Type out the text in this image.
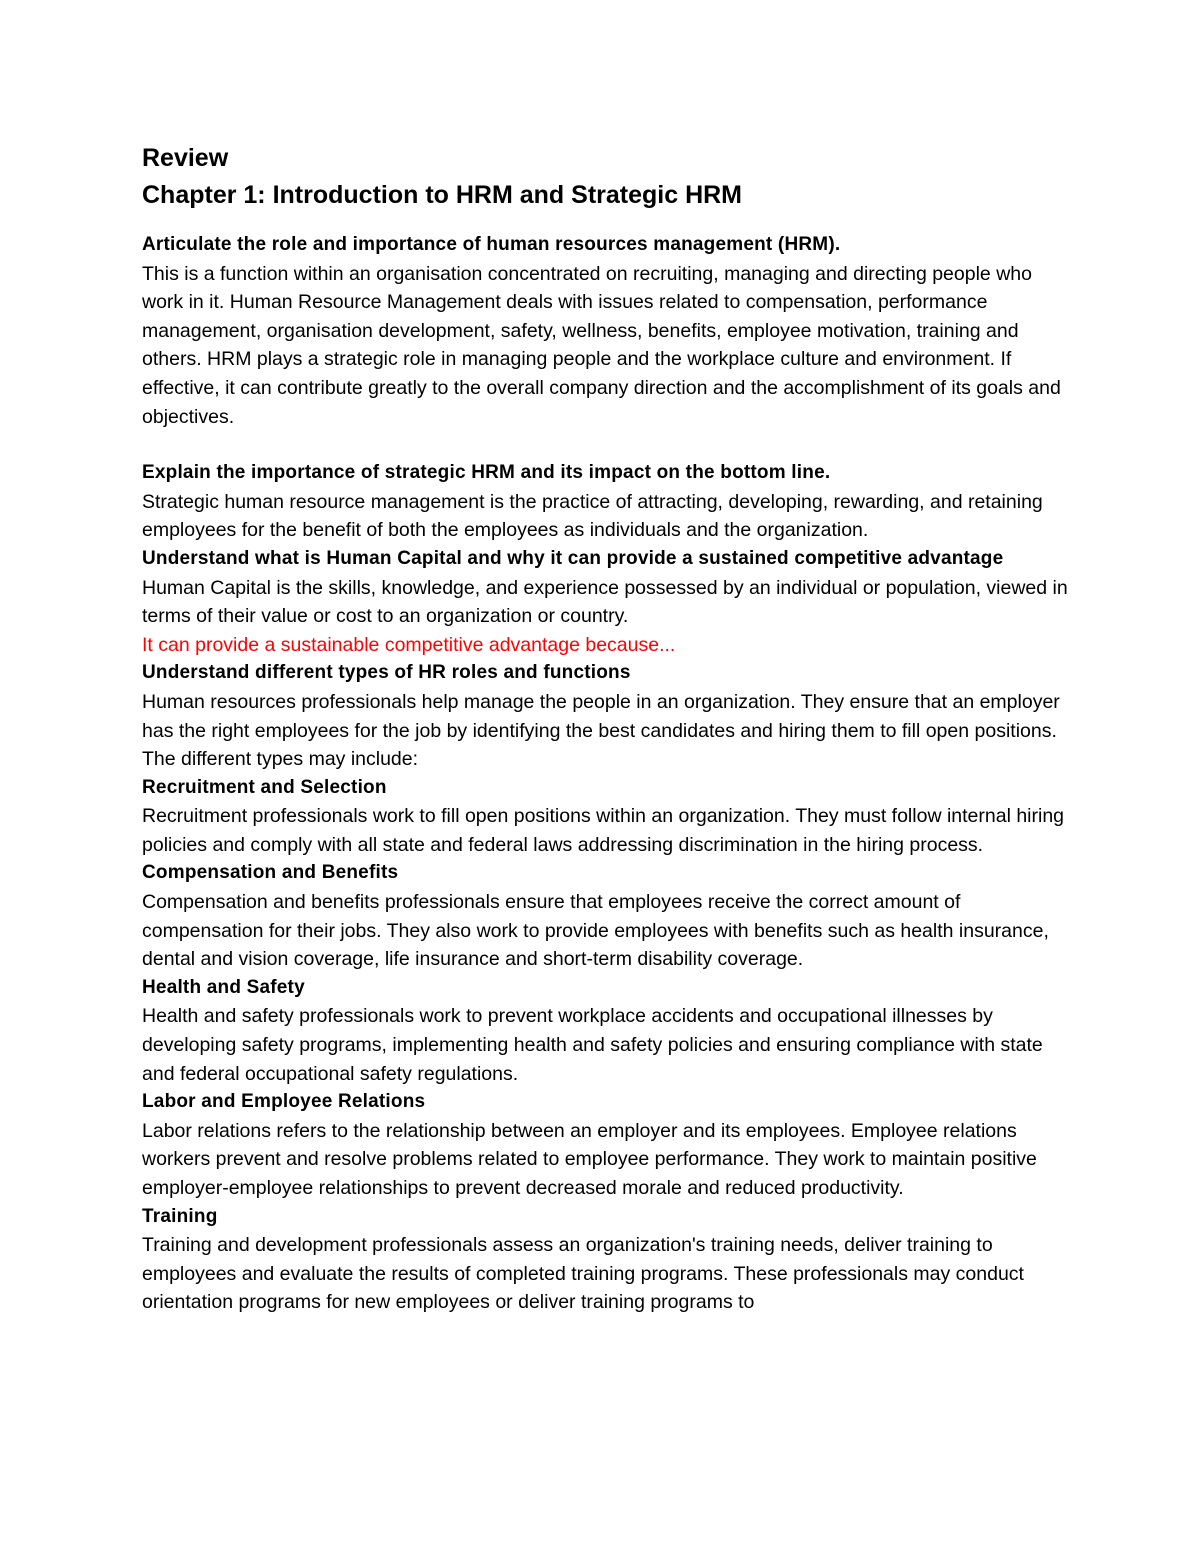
Review
Chapter 1: Introduction to HRM and Strategic HRM

Articulate the role and importance of human resources management (HRM).

This is a function within an organisation concentrated on recruiting, managing and directing people who work in it. Human Resource Management deals with issues related to compensation, performance management, organisation development, safety, wellness, benefits, employee motivation, training and others. HRM plays a strategic role in managing people and the workplace culture and environment. If effective, it can contribute greatly to the overall company direction and the accomplishment of its goals and objectives.

Explain the importance of strategic HRM and its impact on the bottom line.

Strategic human resource management is the practice of attracting, developing, rewarding, and retaining employees for the benefit of both the employees as individuals and the organization.

Understand what is Human Capital and why it can provide a sustained competitive advantage

Human Capital is the skills, knowledge, and experience possessed by an individual or population, viewed in terms of their value or cost to an organization or country.

It can provide a sustainable competitive advantage because...

Understand different types of HR roles and functions

Human resources professionals help manage the people in an organization. They ensure that an employer has the right employees for the job by identifying the best candidates and hiring them to fill open positions. The different types may include:

Recruitment and Selection

Recruitment professionals work to fill open positions within an organization. They must follow internal hiring policies and comply with all state and federal laws addressing discrimination in the hiring process.

Compensation and Benefits

Compensation and benefits professionals ensure that employees receive the correct amount of compensation for their jobs. They also work to provide employees with benefits such as health insurance, dental and vision coverage, life insurance and short-term disability coverage.

Health and Safety

Health and safety professionals work to prevent workplace accidents and occupational illnesses by developing safety programs, implementing health and safety policies and ensuring compliance with state and federal occupational safety regulations.

Labor and Employee Relations

Labor relations refers to the relationship between an employer and its employees. Employee relations workers prevent and resolve problems related to employee performance. They work to maintain positive employer-employee relationships to prevent decreased morale and reduced productivity.

Training

Training and development professionals assess an organization's training needs, deliver training to employees and evaluate the results of completed training programs. These professionals may conduct orientation programs for new employees or deliver training programs to
